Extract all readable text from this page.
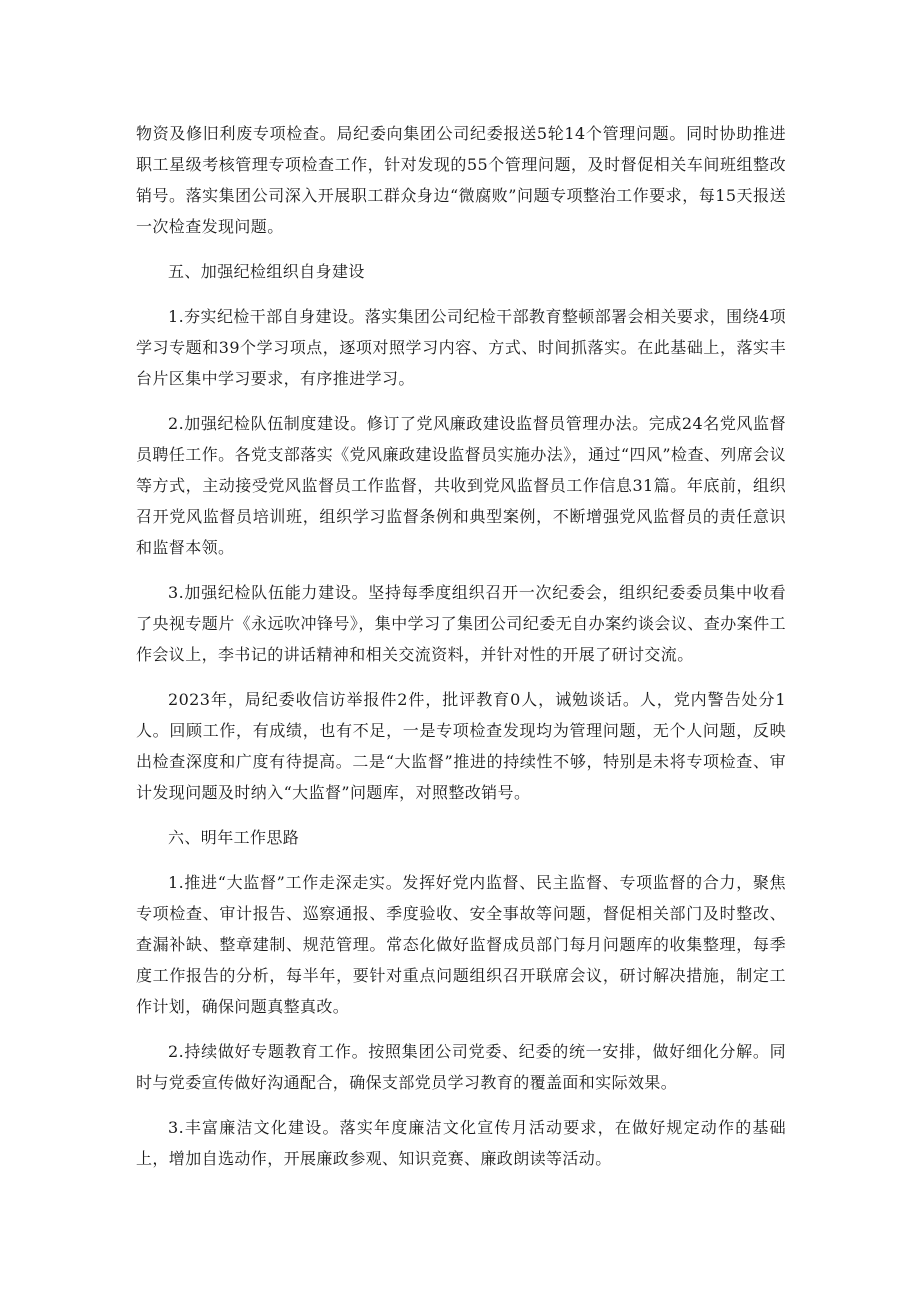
物资及修旧利废专项检查。局纪委向集团公司纪委报送5轮14个管理问题。同时协助推进职工星级考核管理专项检查工作，针对发现的55个管理问题，及时督促相关车间班组整改销号。落实集团公司深入开展职工群众身边“微腐败”问题专项整治工作要求，每15天报送一次检查发现问题。

五、加强纪检组织自身建设

1.夯实纪检干部自身建设。落实集团公司纪检干部教育整顿部署会相关要求，围绕4项学习专题和39个学习项点，逐项对照学习内容、方式、时间抓落实。在此基础上，落实丰台片区集中学习要求，有序推进学习。

2.加强纪检队伍制度建设。修订了党风廉政建设监督员管理办法。完成24名党风监督员聘任工作。各党支部落实《党风廉政建设监督员实施办法》，通过“四风”检查、列席会议等方式，主动接受党风监督员工作监督，共收到党风监督员工作信息31篇。年底前，组织召开党风监督员培训班，组织学习监督条例和典型案例，不断增强党风监督员的责任意识和监督本领。

3.加强纪检队伍能力建设。坚持每季度组织召开一次纪委会，组织纪委委员集中收看了央视专题片《永远吹冲锋号》，集中学习了集团公司纪委无自办案约谈会议、查办案件工作会议上，李书记的讲话精神和相关交流资料，并针对性的开展了研讨交流。

2023年，局纪委收信访举报件2件，批评教育0人，诫勉谈话。人，党内警告处分1人。回顾工作，有成绩，也有不足，一是专项检查发现均为管理问题，无个人问题，反映出检查深度和广度有待提高。二是“大监督”推进的持续性不够，特别是未将专项检查、审计发现问题及时纳入“大监督”问题库，对照整改销号。

六、明年工作思路

1.推进“大监督”工作走深走实。发挥好党内监督、民主监督、专项监督的合力，聚焦专项检查、审计报告、巡察通报、季度验收、安全事故等问题，督促相关部门及时整改、查漏补缺、整章建制、规范管理。常态化做好监督成员部门每月问题库的收集整理，每季度工作报告的分析，每半年，要针对重点问题组织召开联席会议，研讨解决措施，制定工作计划，确保问题真整真改。

2.持续做好专题教育工作。按照集团公司党委、纪委的统一安排，做好细化分解。同时与党委宣传做好沟通配合，确保支部党员学习教育的覆盖面和实际效果。

3.丰富廉洁文化建设。落实年度廉洁文化宣传月活动要求，在做好规定动作的基础上，增加自选动作，开展廉政参观、知识竞赛、廉政朗读等活动。
